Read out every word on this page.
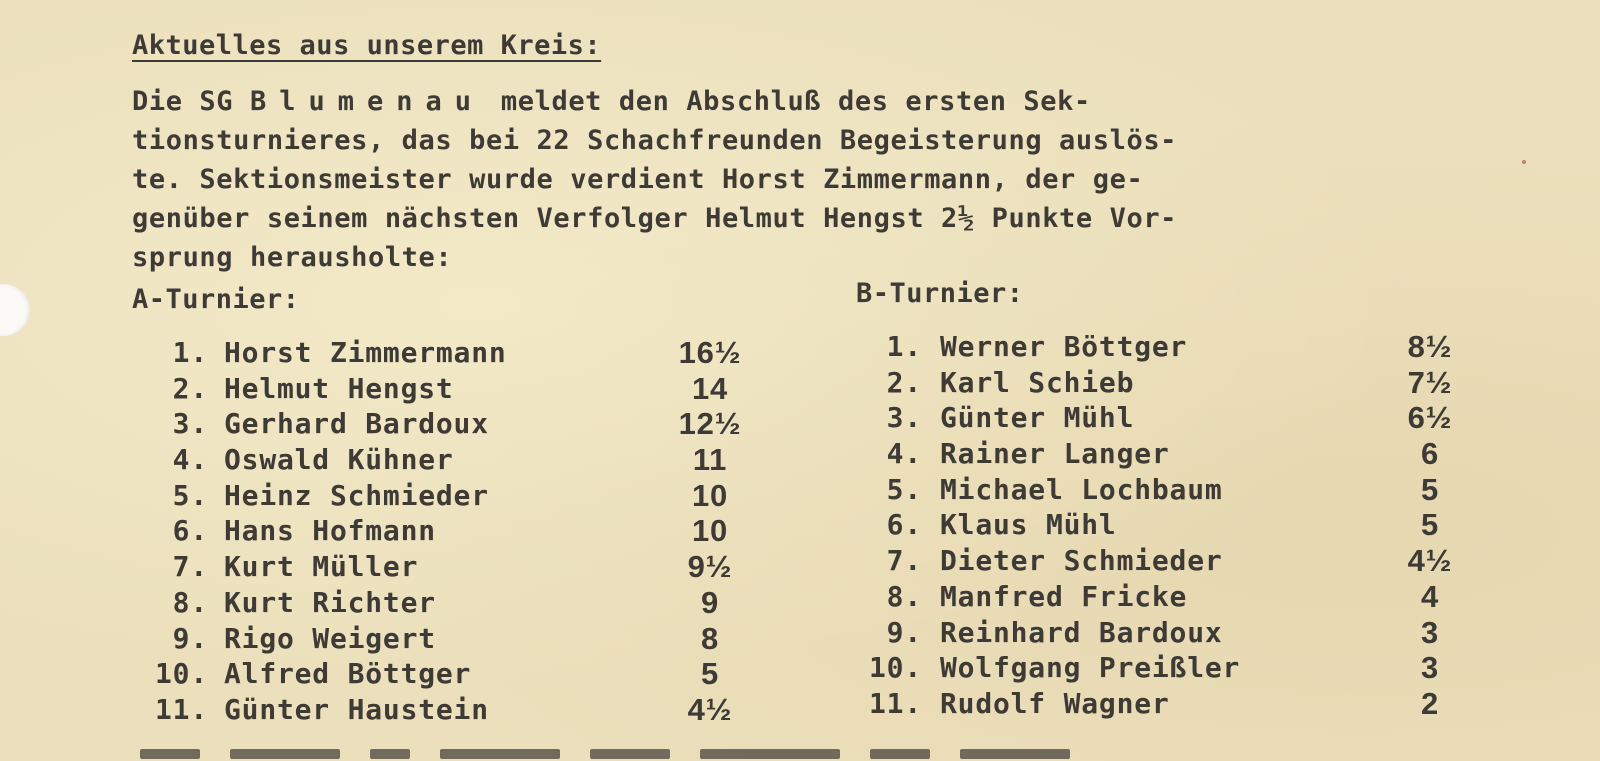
Aktuelles aus unserem Kreis:

Die SG Blumenau meldet den Abschluß des ersten Sek-
tionsturnieres, das bei 22 Schachfreunden Begeisterung auslös-
te. Sektionsmeister wurde verdient Horst Zimmermann, der ge-
genüber seinem nächsten Verfolger Helmut Hengst 2½ Punkte Vor-
sprung herausholte:

A-Turnier:	B-Turnier:
1. Horst Zimmermann	16½
2. Helmut Hengst	14
3. Gerhard Bardoux	12½
4. Oswald Kühner	11
5. Heinz Schmieder	10
6. Hans Hofmann	10
7. Kurt Müller	9½
8. Kurt Richter	9
9. Rigo Weigert	8
10. Alfred Böttger	5
11. Günter Haustein	4½
1. Werner Böttger	8½
2. Karl Schieb	7½
3. Günter Mühl	6½
4. Rainer Langer	6
5. Michael Lochbaum	5
6. Klaus Mühl	5
7. Dieter Schmieder	4½
8. Manfred Fricke	4
9. Reinhard Bardoux	3
10. Wolfgang Preißler	3
11. Rudolf Wagner	2
